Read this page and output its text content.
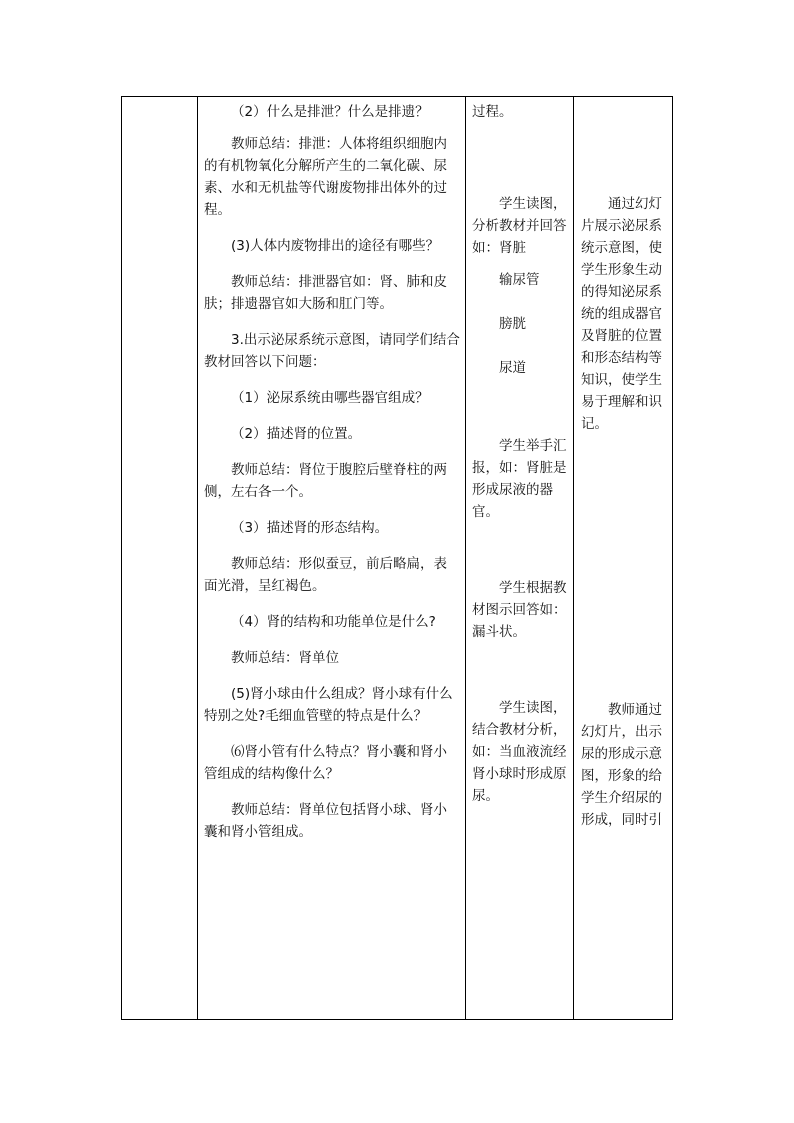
（2）什么是排泄？什么是排遗？

教师总结：排泄：人体将组织细胞内的有机物氧化分解所产生的二氧化碳、尿素、水和无机盐等代谢废物排出体外的过程。

(3)人体内废物排出的途径有哪些？

教师总结：排泄器官如：肾、肺和皮肤；排遗器官如大肠和肛门等。

3.出示泌尿系统示意图，请同学们结合教材回答以下问题：

（1）泌尿系统由哪些器官组成？

（2）描述肾的位置。

教师总结：肾位于腹腔后壁脊柱的两侧，左右各一个。

（3）描述肾的形态结构。

教师总结：形似蚕豆，前后略扁，表面光滑，呈红褐色。

（4）肾的结构和功能单位是什么?

教师总结：肾单位

(5)肾小球由什么组成？肾小球有什么特别之处?毛细血管壁的特点是什么？

⑹肾小管有什么特点？肾小囊和肾小管组成的结构像什么？

教师总结：肾单位包括肾小球、肾小囊和肾小管组成。

过程。

学生读图，分析教材并回答如：肾脏

输尿管

膀胱

尿道

学生举手汇报，如：肾脏是形成尿液的器官。

学生根据教材图示回答如：漏斗状。

学生读图，结合教材分析，如：当血液流经肾小球时形成原尿。

通过幻灯片展示泌尿系统示意图，使学生形象生动的得知泌尿系统的组成器官及肾脏的位置和形态结构等知识，使学生易于理解和识记。

教师通过幻灯片，出示尿的形成示意图，形象的给学生介绍尿的形成，同时引
